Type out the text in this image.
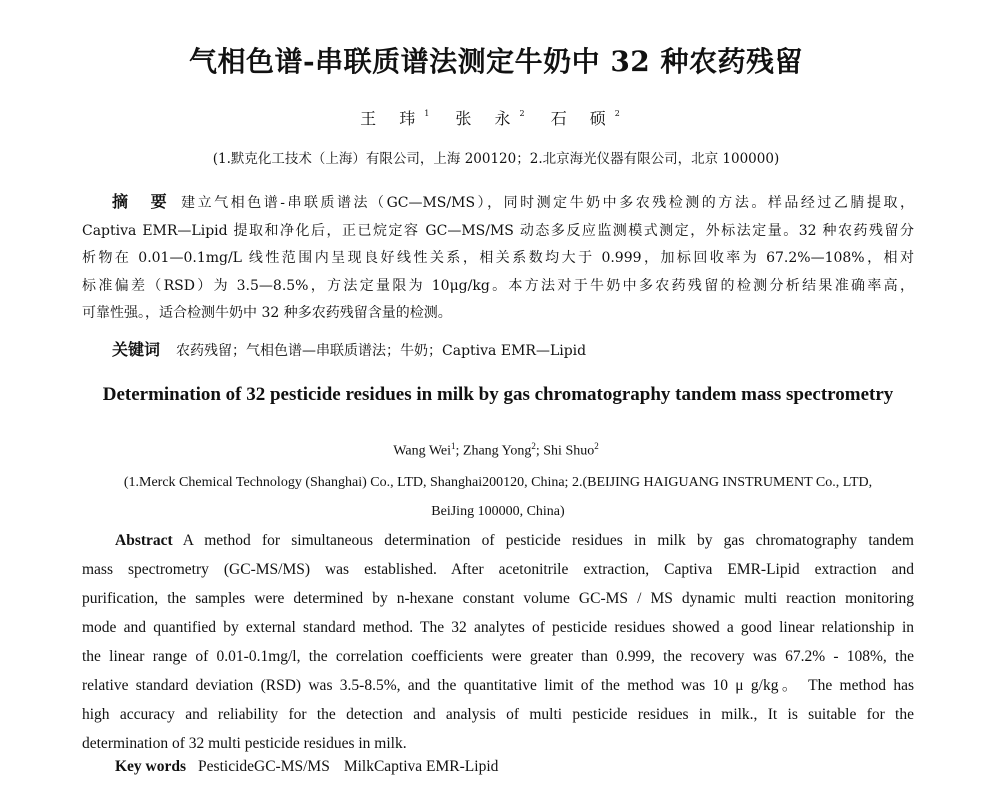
气相色谱-串联质谱法测定牛奶中 32 种农药残留
王 玮$^1$ 张 永$^2$ 石 硕$^2$
(1.默克化工技术（上海）有限公司，上海 200120；2.北京海光仪器有限公司，北京 100000)
摘 要 建立气相色谱-串联质谱法（GC—MS/MS），同时测定牛奶中多农残检测的方法。样品经过乙腈提取，
Captiva EMR—Lipid 提取和净化后，正已烷定容 GC—MS/MS 动态多反应监测模式测定，外标法定量。32 种农药残留分
析物在 0.01—0.1mg/L 线性范围内呈现良好线性关系，相关系数均大于 0.999，加标回收率为 67.2%—108%，相对
标准偏差（RSD）为 3.5—8.5%，方法定量限为 10μg/kg。本方法对于牛奶中多农药残留的检测分析结果准确率高，
可靠性强。，适合检测牛奶中 32 种多农药残留含量的检测。
关键词 农药残留；气相色谱—串联质谱法；牛奶；Captiva EMR—Lipid
Determination of 32 pesticide residues in milk by gas chromatography tandem mass spectrometry
Wang Wei$^1$; Zhang Yong$^2$; Shi Shuo$^2$
(1.Merck Chemical Technology (Shanghai) Co., LTD, Shanghai200120, China; 2.(BEIJING HAIGUANG INSTRUMENT Co., LTD,
BeiJing 100000, China)
Abstract A method for simultaneous determination of pesticide residues in milk by gas chromatography tandem
mass spectrometry (GC-MS/MS) was established. After acetonitrile extraction, Captiva EMR-Lipid extraction and
purification, the samples were determined by n-hexane constant volume GC-MS / MS dynamic multi reaction monitoring
mode and quantified by external standard method. The 32 analytes of pesticide residues showed a good linear relationship in
the linear range of 0.01-0.1mg/l, the correlation coefficients were greater than 0.999, the recovery was 67.2% - 108%, the
relative standard deviation (RSD) was 3.5-8.5%, and the quantitative limit of the method was 10 μ g/kg。 The method has
high accuracy and reliability for the detection and analysis of multi pesticide residues in milk., It is suitable for the
determination of 32 multi pesticide residues in milk.
Key words PesticideGC-MS/MS MilkCaptiva EMR-Lipid
